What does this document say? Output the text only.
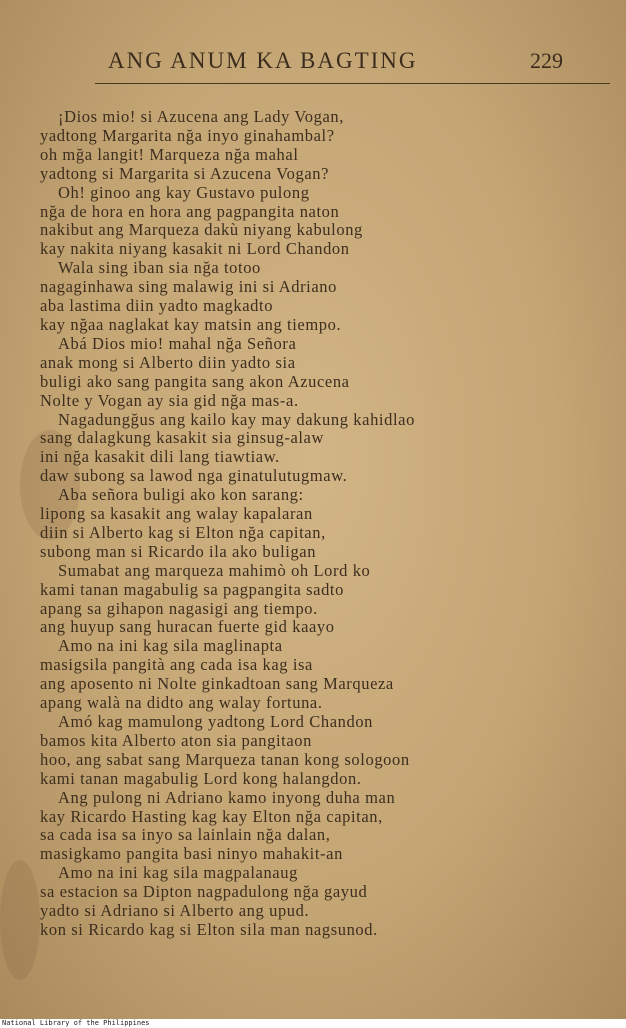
ANG ANUM KA BAGTING	229
¡Dios mio! si Azucena ang Lady Vogan,
yadtong Margarita nğa inyo ginahambal?
oh mğa langit! Marqueza nğa mahal
yadtong si Margarita si Azucena Vogan?
Oh! ginoo ang kay Gustavo pulong
nğa de hora en hora ang pagpangita naton
nakibut ang Marqueza dakù niyang kabulong
kay nakita niyang kasakit ni Lord Chandon
Wala sing iban sia nğa totoo
nagaginhawa sing malawig ini si Adriano
aba lastima diin yadto magkadto
kay nğaa naglakat kay matsin ang tiempo.
Abá Dios mio! mahal nğa Señora
anak mong si Alberto diin yadto sia
buligi ako sang pangita sang akon Azucena
Nolte y Vogan ay sia gid nğa mas-a.
Nagadungğus ang kailo kay may dakung kahidlao
sang dalagkung kasakit sia ginsug-alaw
ini nğa kasakit dili lang tiawtiaw.
daw subong sa lawod nga ginatulutugmaw.
Aba señora buligi ako kon sarang:
lipong sa kasakit ang walay kapalaran
diin si Alberto kag si Elton nğa capitan,
subong man si Ricardo ila ako buligan
Sumabat ang marqueza mahimò oh Lord ko
kami tanan magabulig sa pagpangita sadto
apang sa gihapon nagasigi ang tiempo.
ang huyup sang huracan fuerte gid kaayo
Amo na ini kag sila maglinapta
masigsila pangità ang cada isa kag isa
ang aposento ni Nolte ginkadtoan sang Marqueza
apang walà na didto ang walay fortuna.
Amó kag mamulong yadtong Lord Chandon
bamos kita Alberto aton sia pangitaon
hoo, ang sabat sang Marqueza tanan kong sologoon
kami tanan magabulig Lord kong halangdon.
Ang pulong ni Adriano kamo inyong duha man
kay Ricardo Hasting kag kay Elton nğa capitan,
sa cada isa sa inyo sa lainlain nğa dalan,
masigkamo pangita basi ninyo mahakit-an
Amo na ini kag sila magpalanaug
sa estacion sa Dipton nagpadulong nğa gayud
yadto si Adriano si Alberto ang upud.
kon si Ricardo kag si Elton sila man nagsunod.
National Library of the Philippines
